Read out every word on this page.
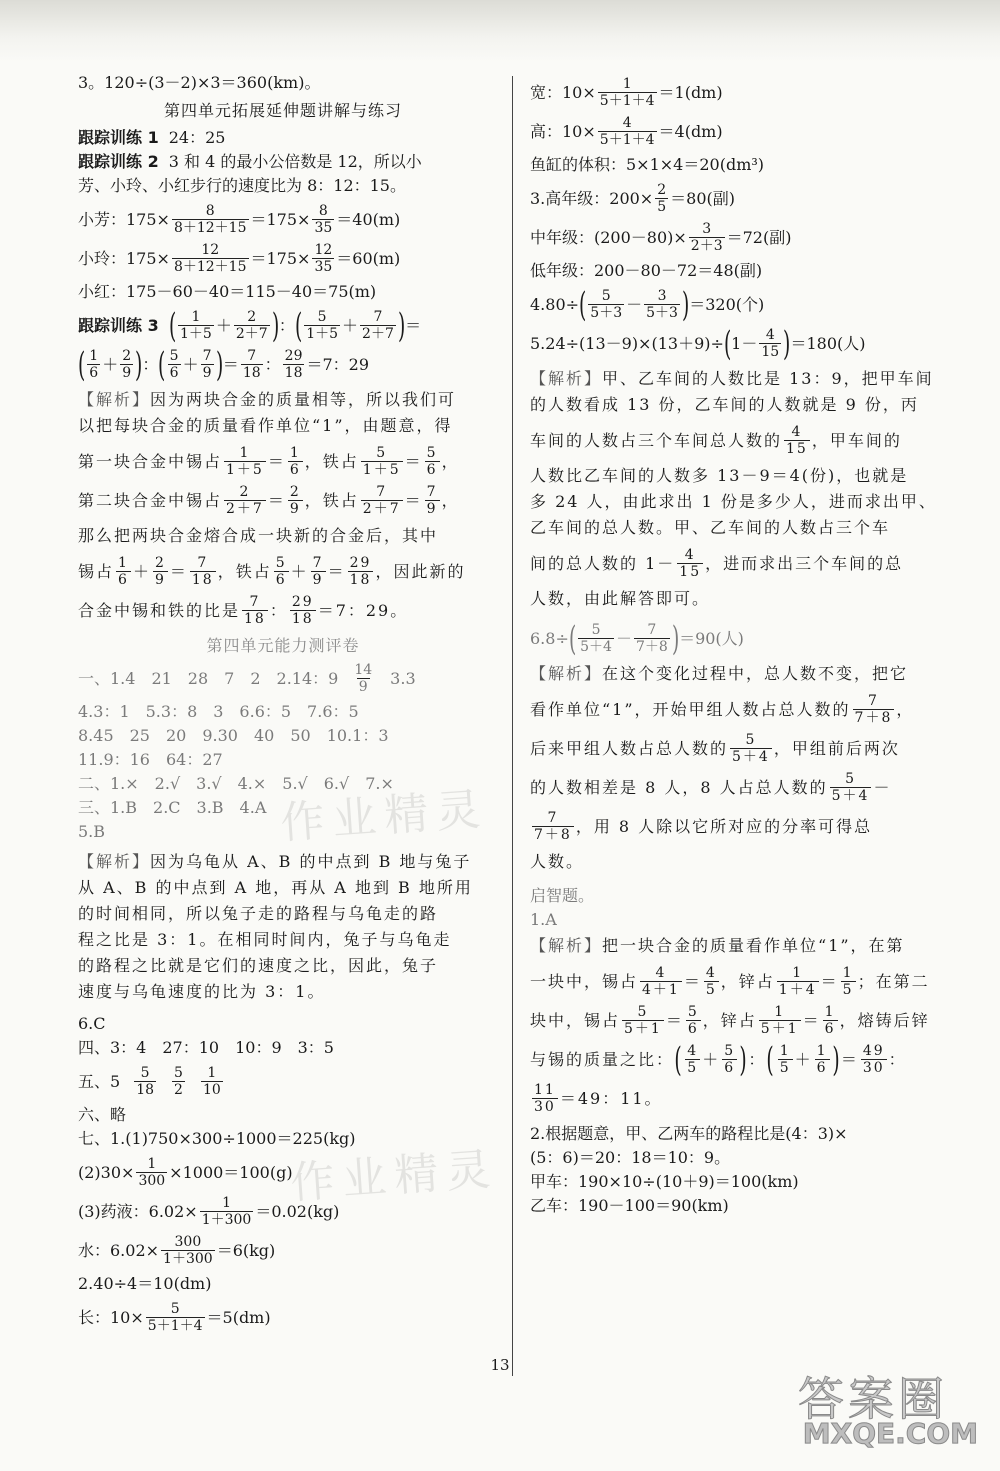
3。120÷(3－2)×3＝360(km)。
第四单元拓展延伸题讲解与练习
跟踪训练 1 24：25
跟踪训练 2 3 和 4 的最小公倍数是 12，所以小
芳、小玲、小红步行的速度比为 8：12：15。
小芳：$175\times \frac{8}{8+12+15} =175\times \frac{8}{35} =40(m)$
小玲：$175\times \frac{12}{8+12+15} =175\times \frac{12}{35} =60(m)$
小红：175－60－40＝115－40＝75(m)
跟踪训练 3 ( $\frac{1}{1+5} + \frac{2}{2+7}$ ) ： ( $\frac{5}{1+5} + \frac{7}{2+7}$ ) ＝
( $\frac{1}{6} + \frac{2}{9}$ ) ： ( $\frac{5}{6} + \frac{7}{9}$ ) ＝ $\frac{7}{18}$ ： $\frac{29}{18} =7$：29
【解析】因为两块合金的质量相等，所以我们可
以把每块合金的质量看作单位“1”，由题意，得
第一块合金中锡占 $\frac{1}{1+5} = \frac{1}{6}$ ，铁占 $\frac{5}{1+5} = \frac{5}{6}$ ，
第二块合金中锡占 $\frac{2}{2+7} = \frac{2}{9}$ ，铁占 $\frac{7}{2+7} = \frac{7}{9}$ ，
那么把两块合金熔合成一块新的合金后，其中
锡占 $\frac{1}{6} + \frac{2}{9} = \frac{7}{18}$ ，铁占 $\frac{5}{6} + \frac{7}{9} = \frac{29}{18}$ ，因此新的
合金中锡和铁的比是 $\frac{7}{18}$ ： $\frac{29}{18} =7$：29。
第四单元能力测评卷
一、1.4　21　28　7　2　2.14：$9 \frac{14}{9} 3.3$
4.3：1　5.3：8　3　6.6：5　7.6：5
8.45　25　20　9.30　40　50　10.1：3
11.9：16　64：27
二、1.×　2.√　3.√　4.×　5.√　6.√　7.×
三、1.B　2.C　3.B　4.A
5.B
【解析】因为乌龟从 A、B 的中点到 B 地与兔子
从 A、B 的中点到 A 地，再从 A 地到 B 地所用
的时间相同，所以兔子走的路程与乌龟走的路
程之比是 3：1。在相同时间内，兔子与乌龟走
的路程之比就是它们的速度之比，因此，兔子
速度与乌龟速度的比为 3：1。
6.C
四、3：4　27：10　10：9　3：5
五、$5 \frac{5}{18} \frac{5}{2} \frac{1}{10}$
六、略
七、1.(1)750×300÷1000＝225(kg)
$(2)30\times \frac{1}{300} \times 1000=100(g)$
(3)药液：$6.02\times \frac{1}{1+300} =0.02(kg)$
水：$6.02\times \frac{300}{1+300} =6(kg)$
2.40÷4＝10(dm)
长：$10\times \frac{5}{5+1+4} =5(dm)$
宽：$10\times \frac{1}{5+1+4} =1(dm)$
高：$10\times \frac{4}{5+1+4} =4(dm)$
鱼缸的体积：5×1×4＝20(dm³)
3.高年级：$200\times \frac{2}{5} =80$(副)
中年级：$(200-80)\times \frac{3}{2+3} =72$(副)
低年级：200－80－72＝48(副)
4.80÷ ( $\frac{5}{5+3} - \frac{3}{5+3}$ ) ＝320(个)
5.24÷(13－9)×(13＋9)÷ ( $1- \frac{4}{15}$ ) ＝180(人)
【解析】甲、乙车间的人数比是 13：9，把甲车间
的人数看成 13 份，乙车间的人数就是 9 份，丙
车间的人数占三个车间总人数的 $\frac{4}{15}$ ，甲车间的
人数比乙车间的人数多 13－9＝4(份)，也就是
多 24 人，由此求出 1 份是多少人，进而求出甲、
乙车间的总人数。甲、乙车间的人数占三个车
间的总人数的 $1- \frac{4}{15}$ ，进而求出三个车间的总
人数，由此解答即可。
6.8÷ ( $\frac{5}{5+4} - \frac{7}{7+8}$ ) ＝90(人)
【解析】在这个变化过程中，总人数不变，把它
看作单位“1”，开始甲组人数占总人数的 $\frac{7}{7+8}$ ，
后来甲组人数占总人数的 $\frac{5}{5+4}$ ，甲组前后两次
的人数相差是 8 人，8 人占总人数的 $\frac{5}{5+4}$ －
$\frac{7}{7+8}$ ，用 8 人除以它所对应的分率可得总
人数。
启智题。
1.A
【解析】把一块合金的质量看作单位“1”，在第
一块中，锡占 $\frac{4}{4+1} = \frac{4}{5}$ ，锌占 $\frac{1}{1+4} = \frac{1}{5}$ ；在第二
块中，锡占 $\frac{5}{5+1} = \frac{5}{6}$ ，锌占 $\frac{1}{5+1} = \frac{1}{6}$ ，熔铸后锌
与锡的质量之比： ( $\frac{4}{5} + \frac{5}{6}$ ) ： ( $\frac{1}{5} + \frac{1}{6}$ ) ＝ $\frac{49}{30}$ ：
$\frac{11}{30} =49$：11。
2.根据题意，甲、乙两车的路程比是(4：3)×
(5：6)＝20：18＝10：9。
甲车：190×10÷(10＋9)＝100(km)
乙车：190－100＝90(km)
作业精灵
作业精灵
13
答案圈
MXQE.COM
